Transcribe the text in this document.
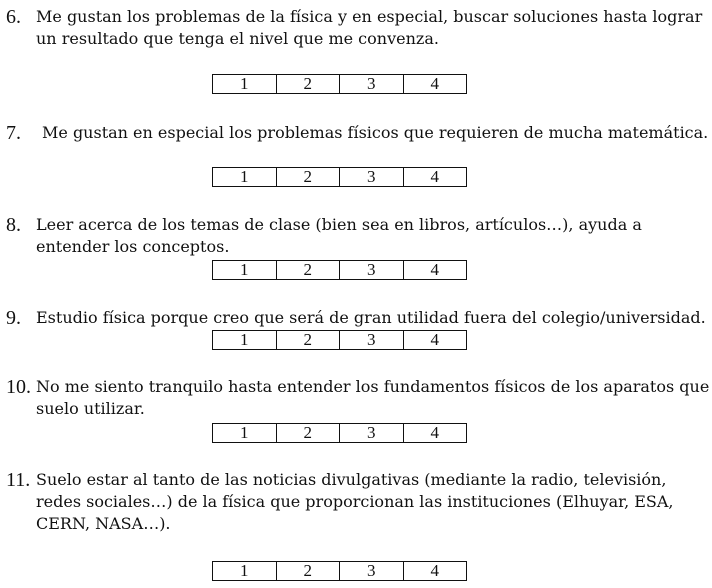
6. Me gustan los problemas de la física y en especial, buscar soluciones hasta lograr un resultado que tenga el nivel que me convenza.

1	2	3	4

7. Me gustan en especial los problemas físicos que requieren de mucha matemática.

1	2	3	4

8. Leer acerca de los temas de clase (bien sea en libros, artículos…), ayuda a entender los conceptos.

1	2	3	4

9. Estudio física porque creo que será de gran utilidad fuera del colegio/universidad.

1	2	3	4

10. No me siento tranquilo hasta entender los fundamentos físicos de los aparatos que suelo utilizar.

1	2	3	4

11. Suelo estar al tanto de las noticias divulgativas (mediante la radio, televisión, redes sociales…) de la física que proporcionan las instituciones (Elhuyar, ESA, CERN, NASA…).

1	2	3	4
